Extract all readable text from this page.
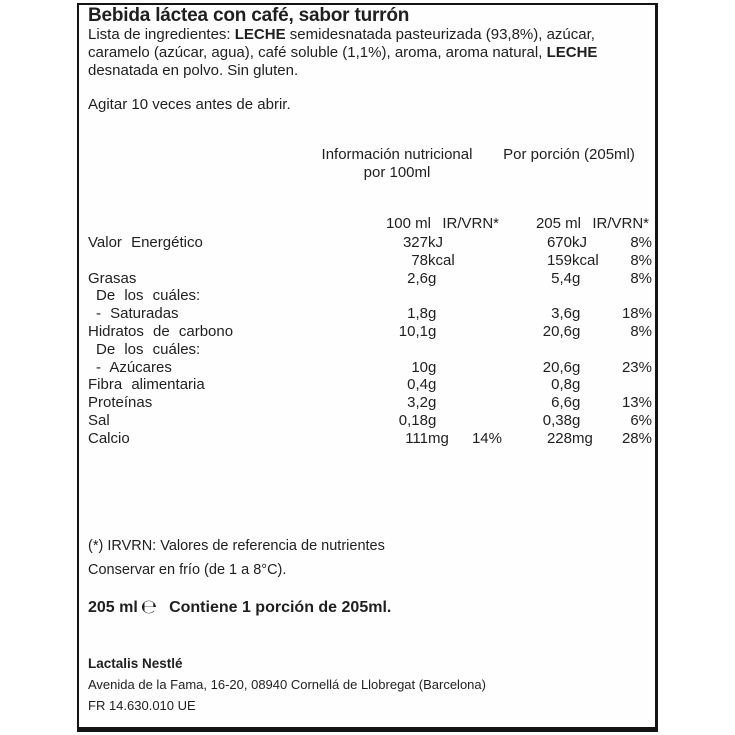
Bebida láctea con café, sabor turrón
Lista de ingredientes: LECHE semidesnatada pasteurizada (93,8%), azúcar,
caramelo (azúcar, agua), café soluble (1,1%), aroma, aroma natural, LECHE
desnatada en polvo. Sin gluten.
Agitar 10 veces antes de abrir.
Información nutricional
por 100ml
Por porción (205ml)
100 ml IR/VRN* 205 ml IR/VRN*
Valor Energético	327 kJ	670 kJ	8%
78 kcal	159 kcal 8%
Grasas	2,6 g	5,4 g	8%
De los cuáles:
- Saturadas	1,8 g	3,6 g	18%
Hidratos de carbono	10,1 g	20,6 g	8%
De los cuáles:
- Azúcares	10 g	20,6 g	23%
Fibra alimentaria	0,4 g	0,8 g
Proteínas	3,2 g	6,6 g	13%
Sal	0,18 g	0,38 g	6%
Calcio	111 mg 14%	228 mg 28%
(*) IRVRN: Valores de referencia de nutrientes
Conservar en frío (de 1 a 8°C).
205 ml ℮ Contiene 1 porción de 205ml.
Lactalis Nestlé
Avenida de la Fama, 16-20, 08940 Cornellá de Llobregat (Barcelona)
FR 14.630.010 UE
